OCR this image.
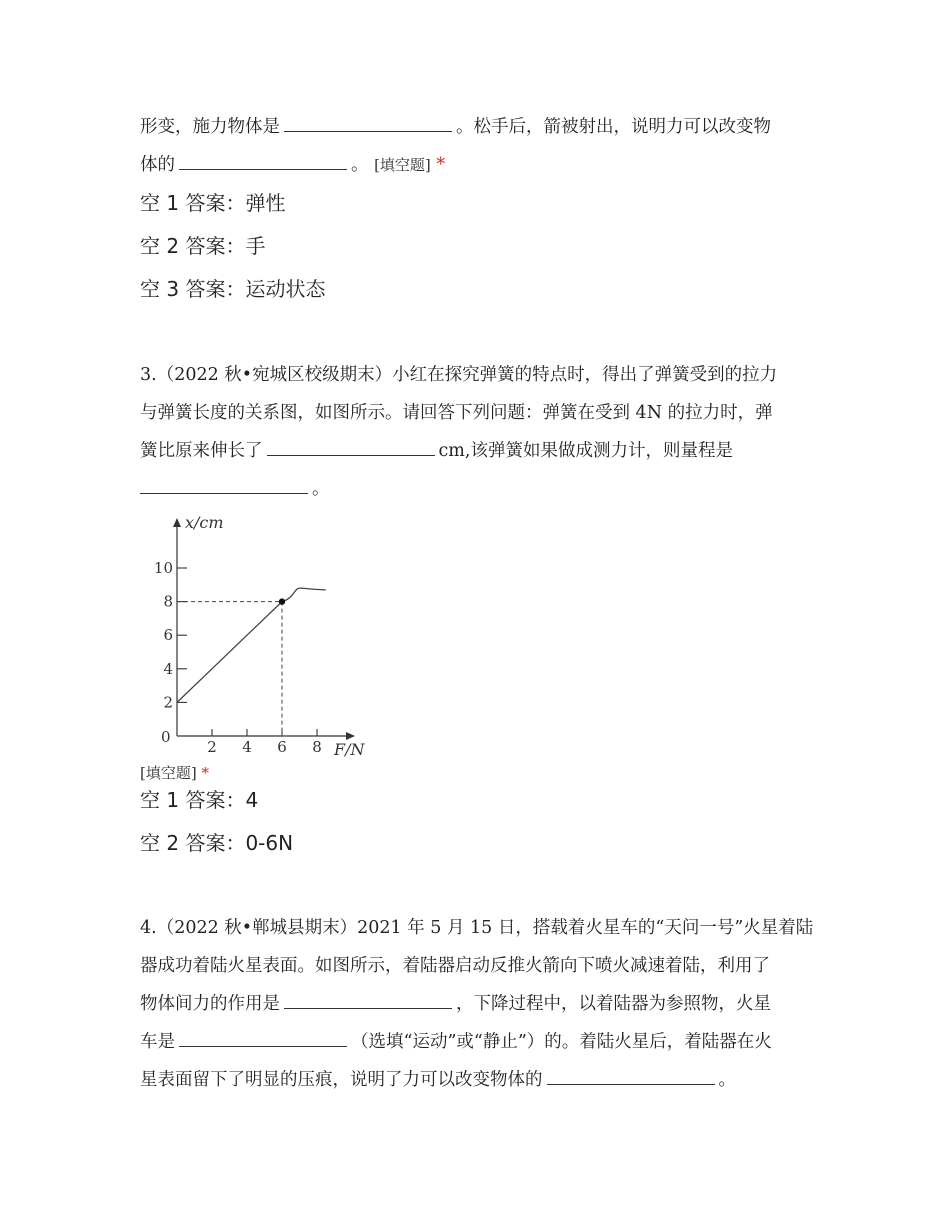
形变，施力物体是	。松手后，箭被射出，说明力可以改变物
体的	。 [填空题] *
空 1 答案：弹性
空 2 答案：手
空 3 答案：运动状态
3.（2022 秋•宛城区校级期末）小红在探究弹簧的特点时，得出了弹簧受到的拉力
与弹簧长度的关系图，如图所示。请回答下列问题：弹簧在受到 4N 的拉力时，弹
簧比原来伸长了	cm,该弹簧如果做成测力计，则量程是
。
2 4 6 8
2
4
6
8
10
0
F/N
x/cm
[填空题] *
空 1 答案：4
空 2 答案：0-6N
4.（2022 秋•郸城县期末）2021 年 5 月 15 日，搭载着火星车的“天问一号”火星着陆
器成功着陆火星表面。如图所示，着陆器启动反推火箭向下喷火减速着陆，利用了
物体间力的作用是	，下降过程中，以着陆器为参照物，火星
车是	（选填“运动”或“静止”）的。着陆火星后，着陆器在火
星表面留下了明显的压痕，说明了力可以改变物体的	。
